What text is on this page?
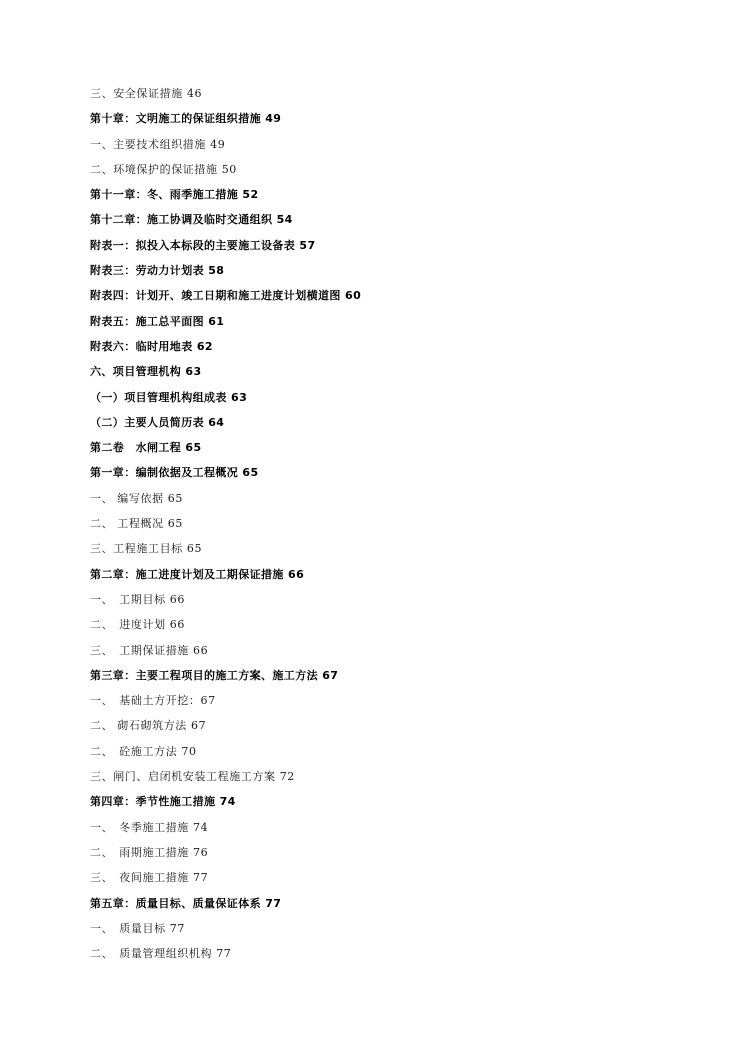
三、安全保证措施 46
第十章：文明施工的保证组织措施 49
一、主要技术组织措施 49
二、环境保护的保证措施 50
第十一章：冬、雨季施工措施 52
第十二章：施工协调及临时交通组织 54
附表一：拟投入本标段的主要施工设备表 57
附表三：劳动力计划表 58
附表四：计划开、竣工日期和施工进度计划横道图 60
附表五：施工总平面图 61
附表六：临时用地表 62
六、项目管理机构 63
（一）项目管理机构组成表 63
（二）主要人员简历表 64
第二卷　水闸工程 65
第一章：编制依据及工程概况 65
一、 编写依据 65
二、 工程概况 65
三、工程施工目标 65
第二章：施工进度计划及工期保证措施 66
一、　工期目标 66
二、　进度计划 66
三、　工期保证措施 66
第三章：主要工程项目的施工方案、施工方法 67
一、　基础土方开挖：67
二、 砌石砌筑方法 67
二、　砼施工方法 70
三、闸门、启闭机安装工程施工方案 72
第四章：季节性施工措施 74
一、　冬季施工措施 74
二、　雨期施工措施 76
三、　夜间施工措施 77
第五章：质量目标、质量保证体系 77
一、　质量目标 77
二、　质量管理组织机构 77
